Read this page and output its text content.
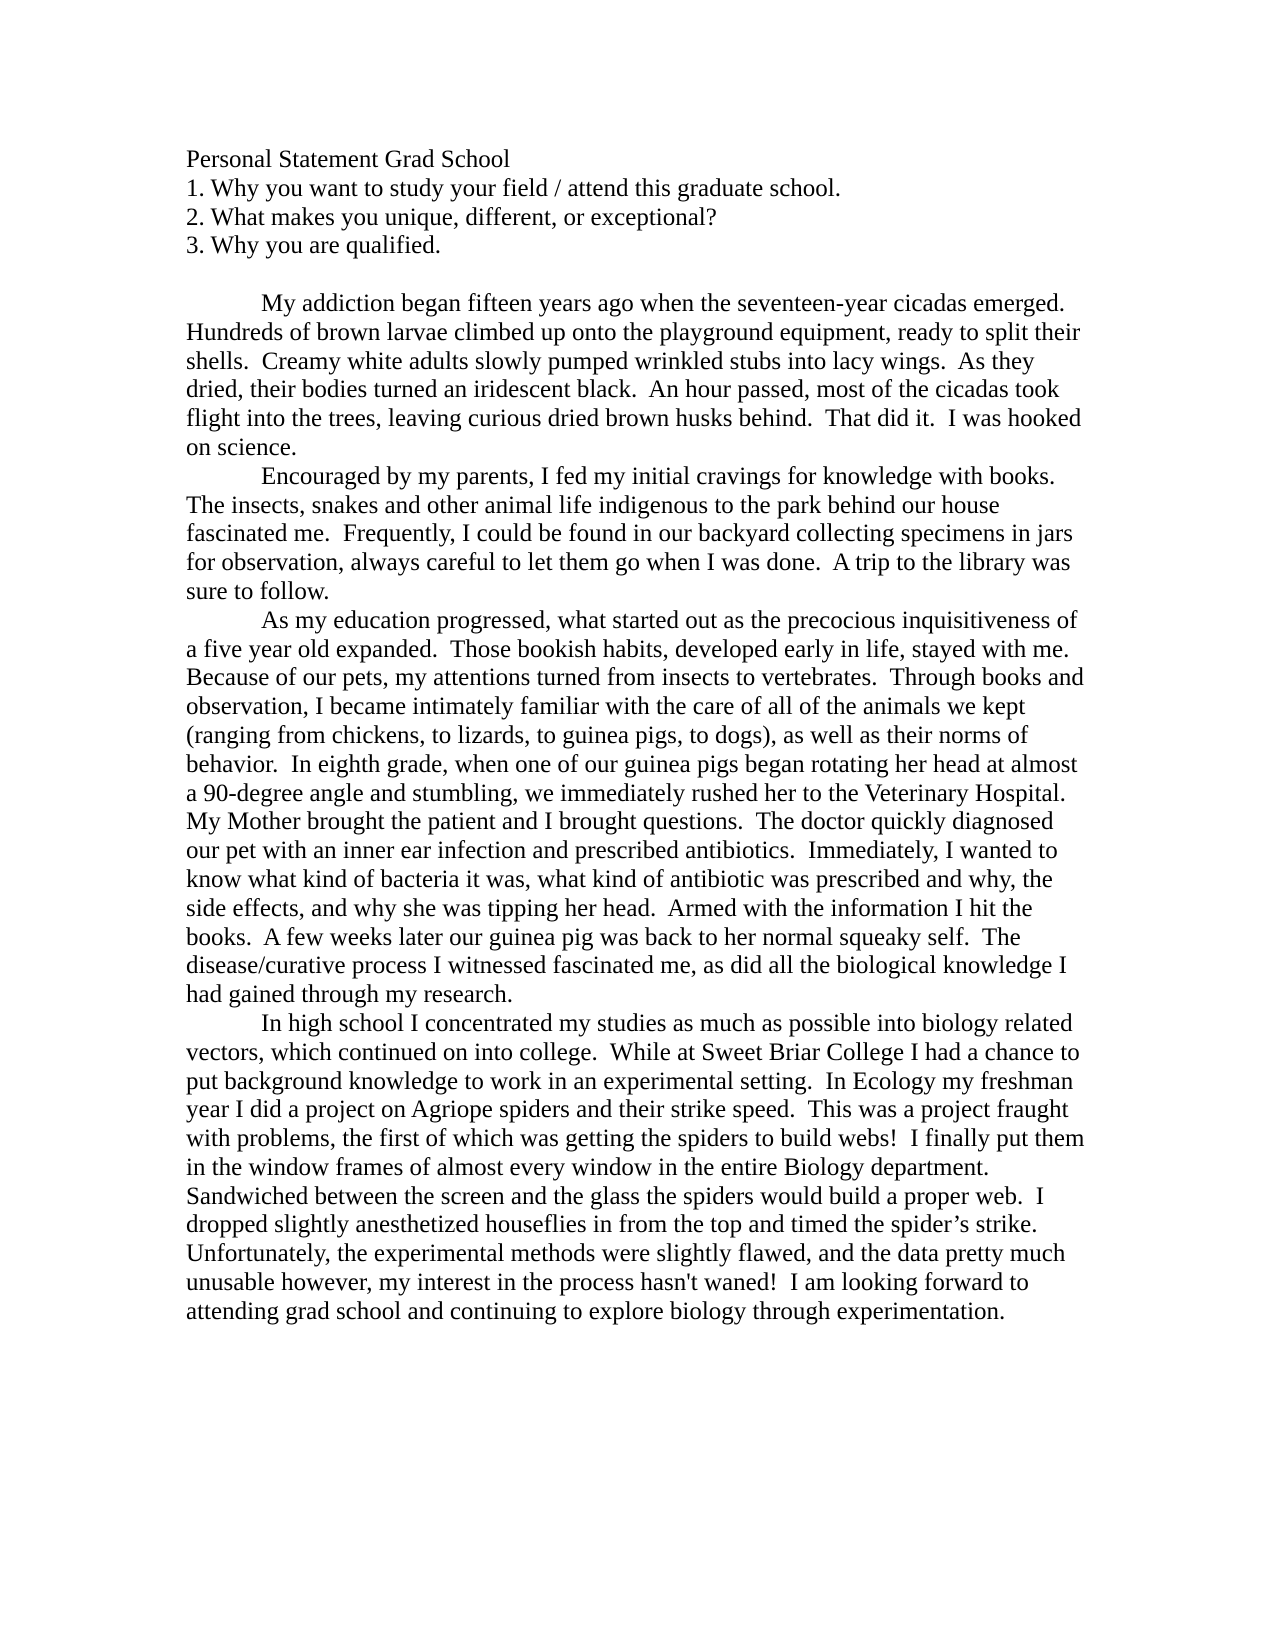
Personal Statement Grad School
1. Why you want to study your field / attend this graduate school.
2. What makes you unique, different, or exceptional?
3. Why you are qualified.

My addiction began fifteen years ago when the seventeen-year cicadas emerged.
Hundreds of brown larvae climbed up onto the playground equipment, ready to split their
shells.  Creamy white adults slowly pumped wrinkled stubs into lacy wings.  As they
dried, their bodies turned an iridescent black.  An hour passed, most of the cicadas took
flight into the trees, leaving curious dried brown husks behind.  That did it.  I was hooked
on science.
Encouraged by my parents, I fed my initial cravings for knowledge with books.
The insects, snakes and other animal life indigenous to the park behind our house
fascinated me.  Frequently, I could be found in our backyard collecting specimens in jars
for observation, always careful to let them go when I was done.  A trip to the library was
sure to follow.
As my education progressed, what started out as the precocious inquisitiveness of
a five year old expanded.  Those bookish habits, developed early in life, stayed with me.
Because of our pets, my attentions turned from insects to vertebrates.  Through books and
observation, I became intimately familiar with the care of all of the animals we kept
(ranging from chickens, to lizards, to guinea pigs, to dogs), as well as their norms of
behavior.  In eighth grade, when one of our guinea pigs began rotating her head at almost
a 90-degree angle and stumbling, we immediately rushed her to the Veterinary Hospital.
My Mother brought the patient and I brought questions.  The doctor quickly diagnosed
our pet with an inner ear infection and prescribed antibiotics.  Immediately, I wanted to
know what kind of bacteria it was, what kind of antibiotic was prescribed and why, the
side effects, and why she was tipping her head.  Armed with the information I hit the
books.  A few weeks later our guinea pig was back to her normal squeaky self.  The
disease/curative process I witnessed fascinated me, as did all the biological knowledge I
had gained through my research.
In high school I concentrated my studies as much as possible into biology related
vectors, which continued on into college.  While at Sweet Briar College I had a chance to
put background knowledge to work in an experimental setting.  In Ecology my freshman
year I did a project on Agriope spiders and their strike speed.  This was a project fraught
with problems, the first of which was getting the spiders to build webs!  I finally put them
in the window frames of almost every window in the entire Biology department.
Sandwiched between the screen and the glass the spiders would build a proper web.  I
dropped slightly anesthetized houseflies in from the top and timed the spider’s strike.
Unfortunately, the experimental methods were slightly flawed, and the data pretty much
unusable however, my interest in the process hasn't waned!  I am looking forward to
attending grad school and continuing to explore biology through experimentation.
